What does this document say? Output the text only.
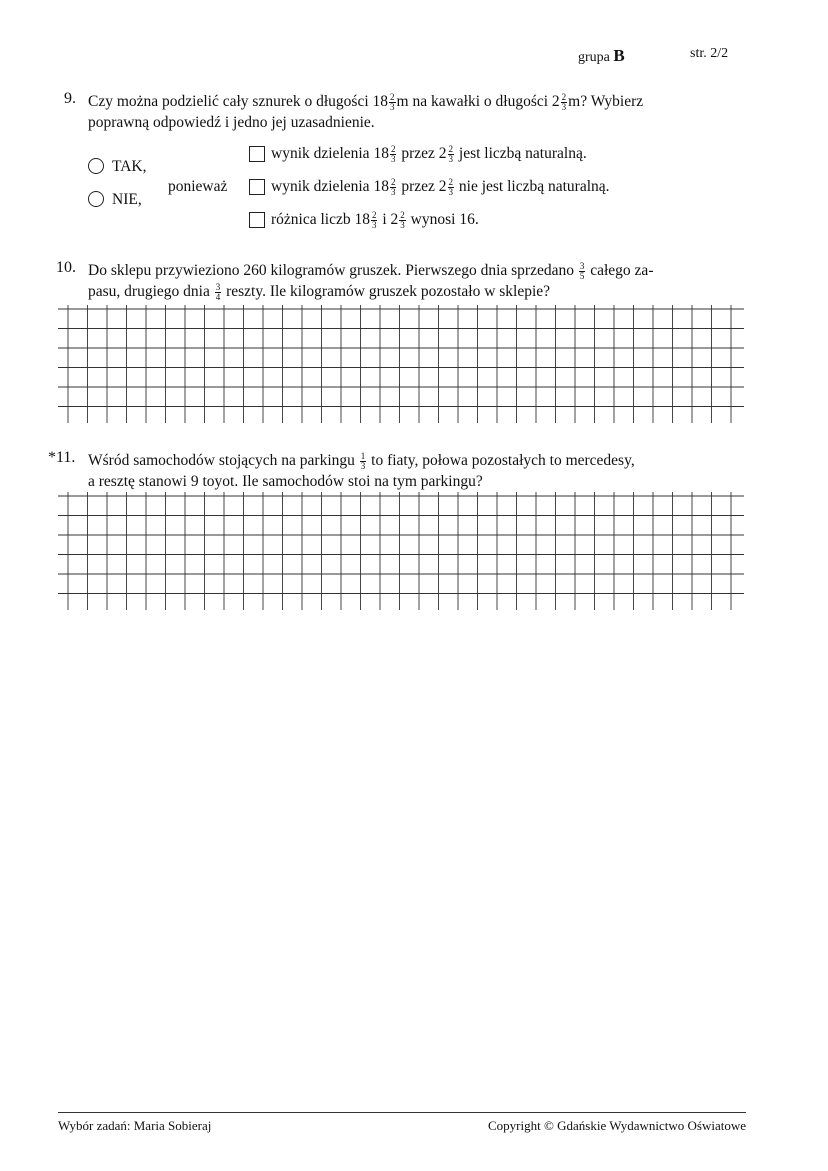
grupa B	str. 2/2
9. Czy można podzielić cały sznurek o długości $18 \frac{2}{3}$ m na kawałki o długości $2 \frac{2}{3} m$? Wybierz
poprawną odpowiedź i jedno jej uzasadnienie.
TAK,
NIE,
ponieważ
wynik dzielenia $18 \frac{2}{3}$ przez $2 \frac{2}{3}$ jest liczbą naturalną.
wynik dzielenia $18 \frac{2}{3}$ przez $2 \frac{2}{3}$ nie jest liczbą naturalną.
różnica liczb $18 \frac{2}{3}$ i $2 \frac{2}{3}$ wynosi 16.
10. Do sklepu przywieziono 260 kilogramów gruszek. Pierwszego dnia sprzedano $\frac{3}{5}$ całego za-
pasu, drugiego dnia $\frac{3}{4}$ reszty. Ile kilogramów gruszek pozostało w sklepie?
*11. Wśród samochodów stojących na parkingu $\frac{1}{3}$ to fiaty, połowa pozostałych to mercedesy,
a resztę stanowi 9 toyot. Ile samochodów stoi na tym parkingu?
Wybór zadań: Maria Sobieraj	Copyright © Gdańskie Wydawnictwo Oświatowe
